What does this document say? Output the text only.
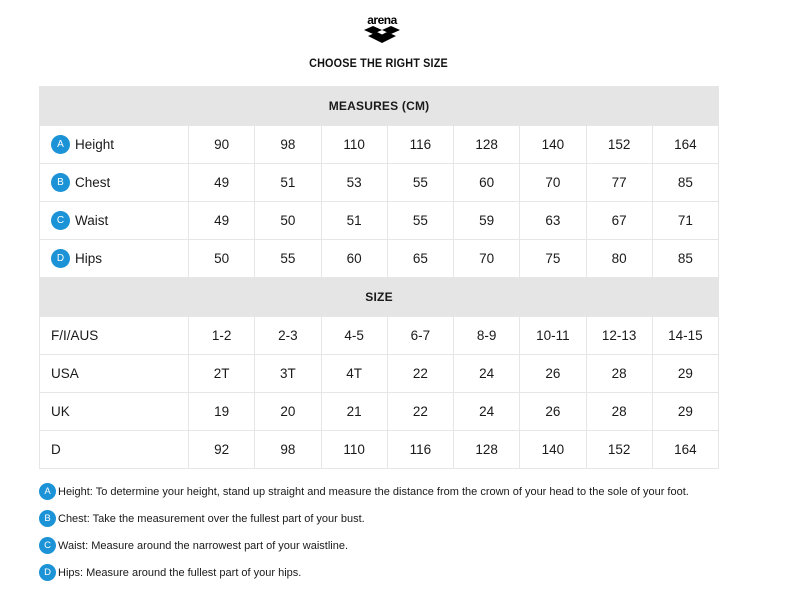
arena
CHOOSE THE RIGHT SIZE
MEASURES (CM)								
A Height	90	98	110	116	128	140	152	164
B Chest	49	51	53	55	60	70	77	85
C Waist	49	50	51	55	59	63	67	71
D Hips	50	55	60	65	70	75	80	85
SIZE								
F/I/AUS	1-2	2-3	4-5	6-7	8-9	10-11	12-13	14-15
USA	2T	3T	4T	22	24	26	28	29
UK	19	20	21	22	24	26	28	29
D	92	98	110	116	128	140	152	164
A Height: To determine your height, stand up straight and measure the distance from the crown of your head to the sole of your foot.
B Chest: Take the measurement over the fullest part of your bust.
C Waist: Measure around the narrowest part of your waistline.
D Hips: Measure around the fullest part of your hips.
